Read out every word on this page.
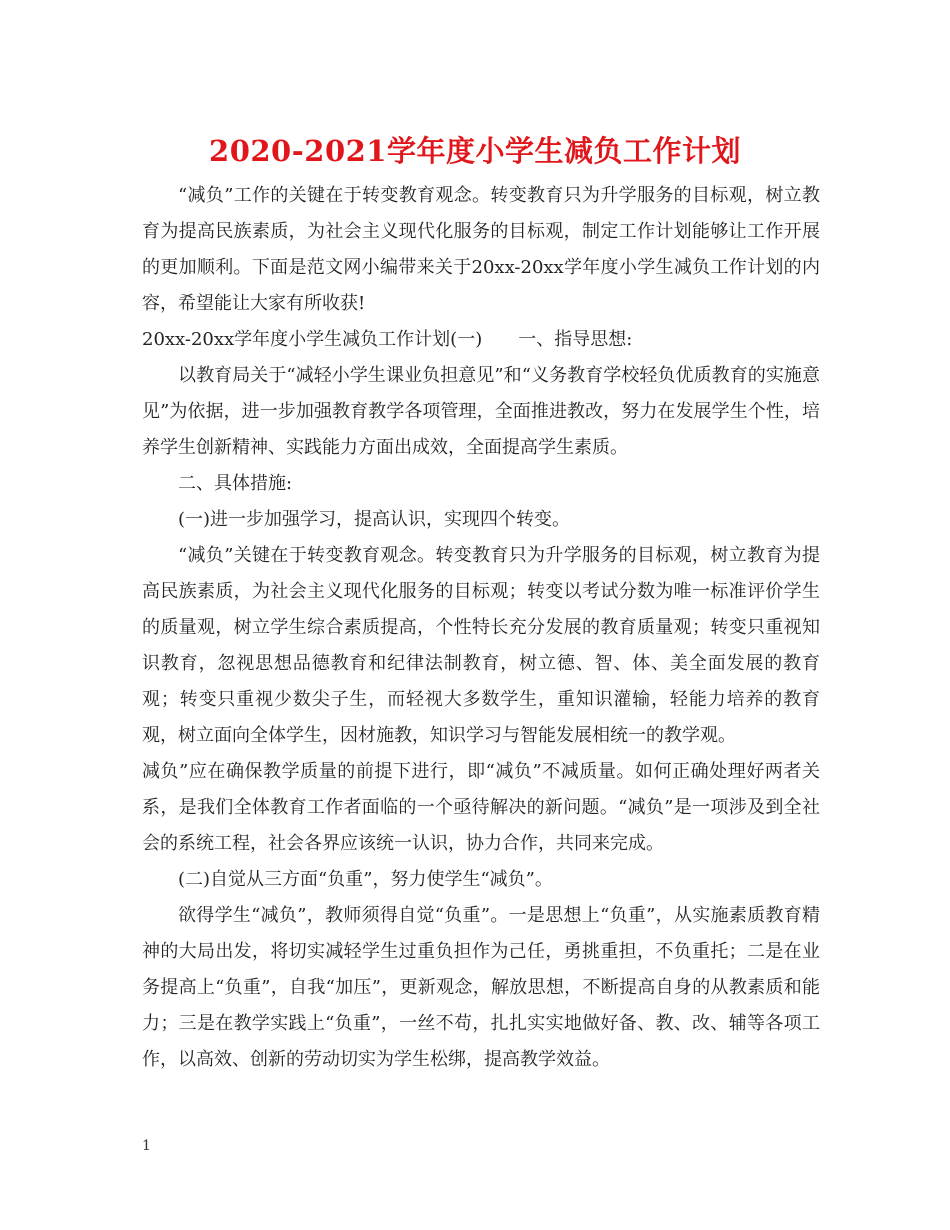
2020-2021学年度小学生减负工作计划

“减负”工作的关键在于转变教育观念。转变教育只为升学服务的目标观，树立教育为提高民族素质，为社会主义现代化服务的目标观，制定工作计划能够让工作开展的更加顺利。下面是范文网小编带来关于20xx-20xx学年度小学生减负工作计划的内容，希望能让大家有所收获!

20xx-20xx学年度小学生减负工作计划(一) 一、指导思想:

以教育局关于“减轻小学生课业负担意见”和“义务教育学校轻负优质教育的实施意见”为依据，进一步加强教育教学各项管理，全面推进教改，努力在发展学生个性，培养学生创新精神、实践能力方面出成效，全面提高学生素质。

二、具体措施:

(一)进一步加强学习，提高认识，实现四个转变。

“减负”关键在于转变教育观念。转变教育只为升学服务的目标观，树立教育为提高民族素质，为社会主义现代化服务的目标观；转变以考试分数为唯一标准评价学生的质量观，树立学生综合素质提高，个性特长充分发展的教育质量观；转变只重视知识教育，忽视思想品德教育和纪律法制教育，树立德、智、体、美全面发展的教育观；转变只重视少数尖子生，而轻视大多数学生，重知识灌输，轻能力培养的教育观，树立面向全体学生，因材施教，知识学习与智能发展相统一的教学观。

减负”应在确保教学质量的前提下进行，即“减负”不减质量。如何正确处理好两者关系，是我们全体教育工作者面临的一个亟待解决的新问题。“减负”是一项涉及到全社会的系统工程，社会各界应该统一认识，协力合作，共同来完成。

(二)自觉从三方面“负重”，努力使学生“减负”。

欲得学生“减负”，教师须得自觉“负重”。一是思想上“负重”，从实施素质教育精神的大局出发，将切实减轻学生过重负担作为己任，勇挑重担，不负重托；二是在业务提高上“负重”，自我“加压”，更新观念，解放思想，不断提高自身的从教素质和能力；三是在教学实践上“负重”，一丝不苟，扎扎实实地做好备、教、改、辅等各项工作，以高效、创新的劳动切实为学生松绑，提高教学效益。

1
